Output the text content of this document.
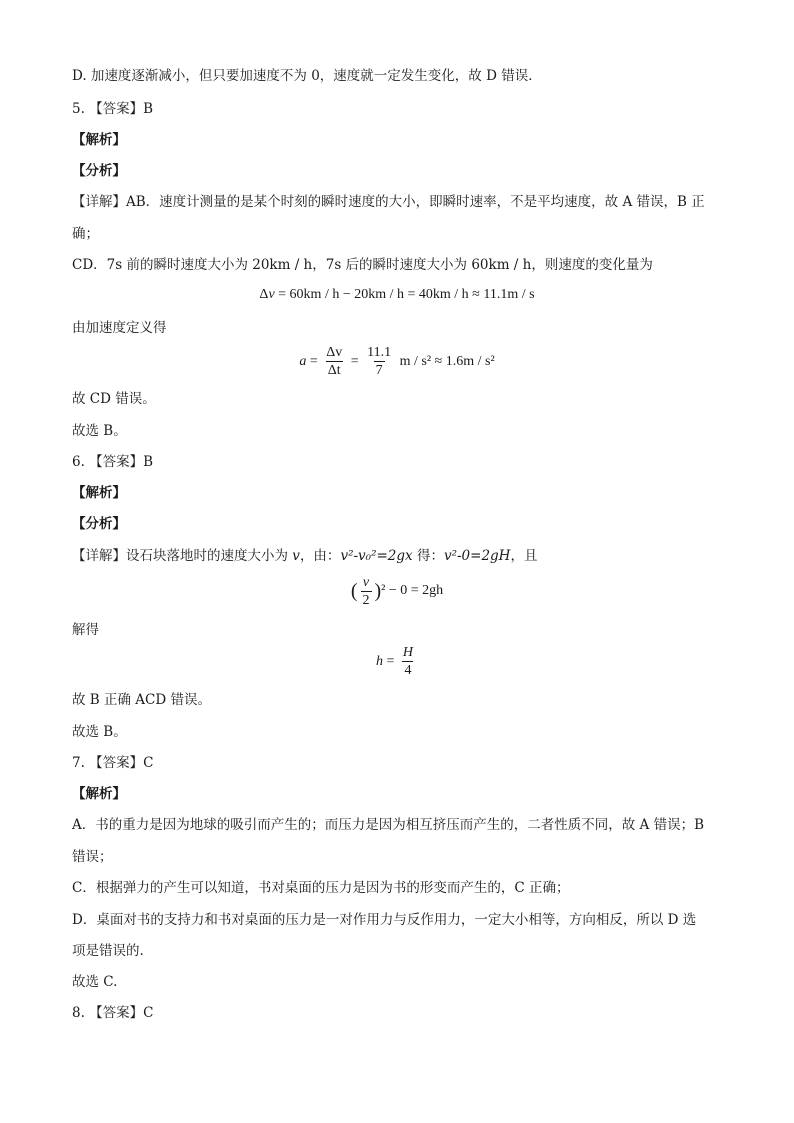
D. 加速度逐渐减小，但只要加速度不为 0，速度就一定发生变化，故 D 错误．
5. 【答案】B
【解析】
【分析】
【详解】AB．速度计测量的是某个时刻的瞬时速度的大小，即瞬时速率，不是平均速度，故 A 错误，B 正
确；
CD．7s 前的瞬时速度大小为 20km / h，7s 后的瞬时速度大小为 60km / h，则速度的变化量为
Δv = 60km / h − 20km / h = 40km / h ≈ 11.1m / s
由加速度定义得
$a = \frac{\Delta v}{\Delta t} = \frac{11.1}{7}$ m / s² ≈ 1.6m / s²
故 CD 错误。
故选 B。
6. 【答案】B
【解析】
【分析】
【详解】设石块落地时的速度大小为 v，由：v²-v₀²=2gx 得：v²-0=2gH，且
( $\frac{v}{2} )^2 - 0 = 2gh$
解得
$h = \frac{H}{4}$
故 B 正确 ACD 错误。
故选 B。
7. 【答案】C
【解析】
A．书的重力是因为地球的吸引而产生的；而压力是因为相互挤压而产生的，二者性质不同，故 A 错误；B
错误；
C．根据弹力的产生可以知道，书对桌面的压力是因为书的形变而产生的，C 正确；
D．桌面对书的支持力和书对桌面的压力是一对作用力与反作用力，一定大小相等，方向相反，所以 D 选
项是错误的.
故选 C.
8. 【答案】C
